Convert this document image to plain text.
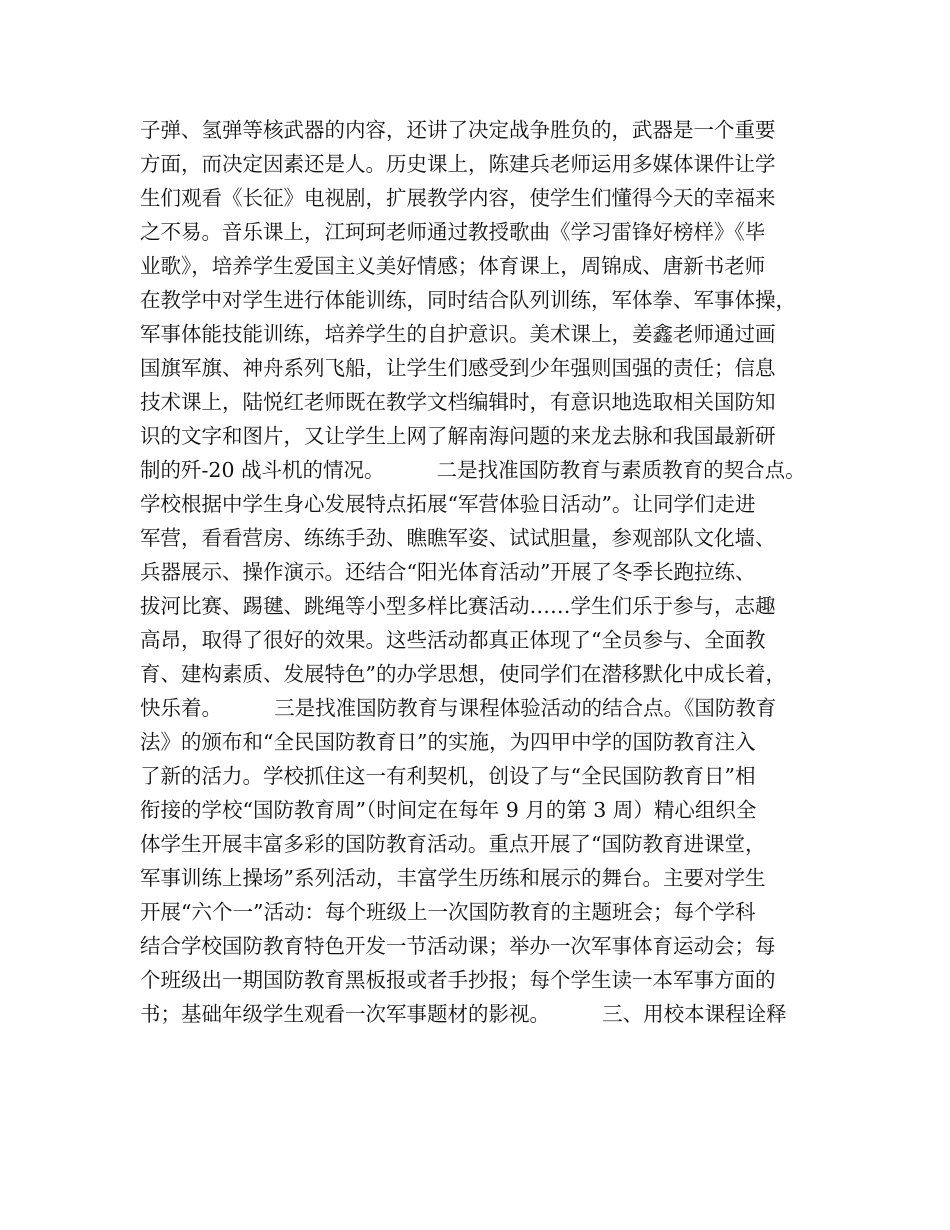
子弹、氢弹等核武器的内容，还讲了决定战争胜负的，武器是一个重要
方面，而决定因素还是人。历史课上，陈建兵老师运用多媒体课件让学
生们观看《长征》电视剧，扩展教学内容，使学生们懂得今天的幸福来
之不易。音乐课上，江珂珂老师通过教授歌曲《学习雷锋好榜样》《毕
业歌》，培养学生爱国主义美好情感；体育课上，周锦成、唐新书老师
在教学中对学生进行体能训练，同时结合队列训练，军体拳、军事体操，
军事体能技能训练，培养学生的自护意识。美术课上，姜鑫老师通过画
国旗军旗、神舟系列飞船，让学生们感受到少年强则国强的责任；信息
技术课上，陆悦红老师既在教学文档编辑时，有意识地选取相关国防知
识的文字和图片，又让学生上网了解南海问题的来龙去脉和我国最新研
制的歼-20 战斗机的情况。        二是找准国防教育与素质教育的契合点。
学校根据中学生身心发展特点拓展“军营体验日活动”。让同学们走进
军营，看看营房、练练手劲、瞧瞧军姿、试试胆量，参观部队文化墙、
兵器展示、操作演示。还结合“阳光体育活动”开展了冬季长跑拉练、
拔河比赛、踢毽、跳绳等小型多样比赛活动……学生们乐于参与，志趣
高昂，取得了很好的效果。这些活动都真正体现了“全员参与、全面教
育、建构素质、发展特色”的办学思想，使同学们在潜移默化中成长着，
快乐着。        三是找准国防教育与课程体验活动的结合点。《国防教育
法》的颁布和“全民国防教育日”的实施，为四甲中学的国防教育注入
了新的活力。学校抓住这一有利契机，创设了与“全民国防教育日”相
衔接的学校“国防教育周”（时间定在每年 9 月的第 3 周）精心组织全
体学生开展丰富多彩的国防教育活动。重点开展了“国防教育进课堂，
军事训练上操场”系列活动，丰富学生历练和展示的舞台。主要对学生
开展“六个一”活动：每个班级上一次国防教育的主题班会；每个学科
结合学校国防教育特色开发一节活动课；举办一次军事体育运动会；每
个班级出一期国防教育黑板报或者手抄报；每个学生读一本军事方面的
书；基础年级学生观看一次军事题材的影视。        三、用校本课程诠释
